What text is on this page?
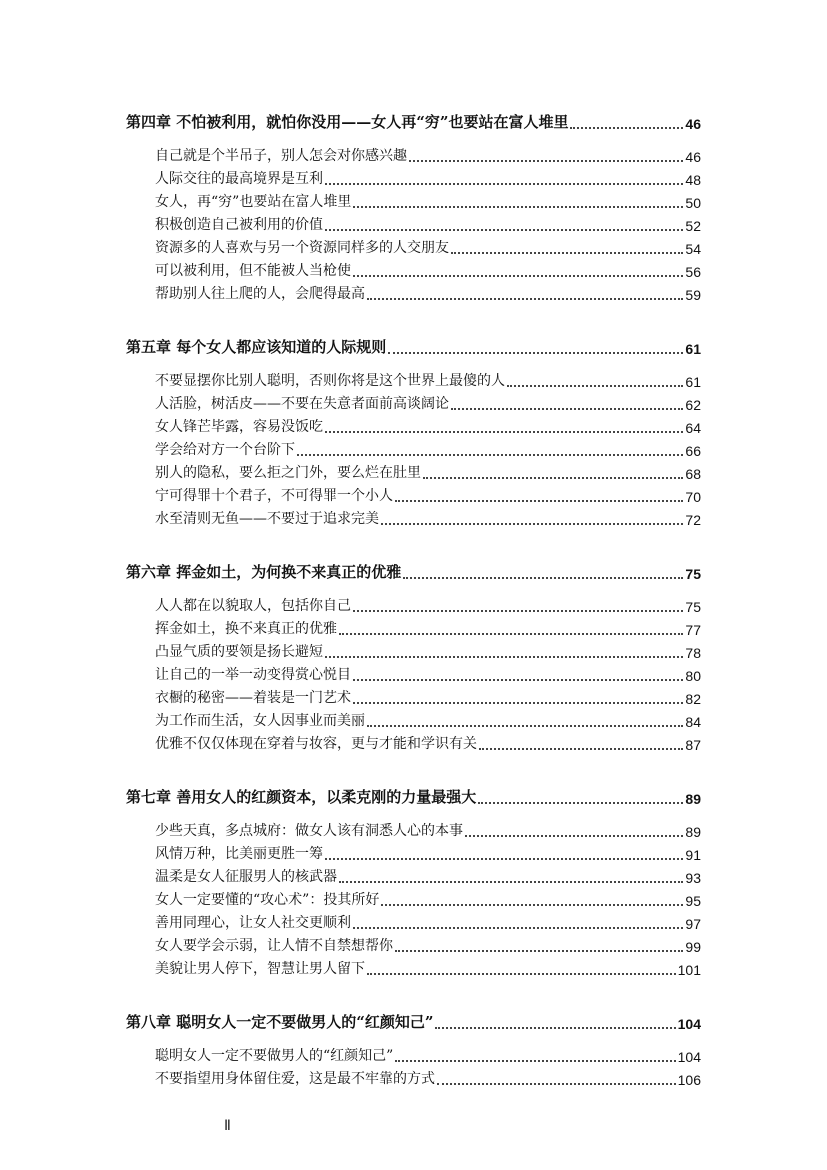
第四章 不怕被利用，就怕你没用——女人再“穷”也要站在富人堆里	46
自己就是个半吊子，别人怎会对你感兴趣	46
人际交往的最高境界是互利	48
女人，再“穷”也要站在富人堆里	50
积极创造自己被利用的价值	52
资源多的人喜欢与另一个资源同样多的人交朋友	54
可以被利用，但不能被人当枪使	56
帮助别人往上爬的人，会爬得最高	59
第五章 每个女人都应该知道的人际规则	61
不要显摆你比别人聪明，否则你将是这个世界上最傻的人	61
人活脸，树活皮——不要在失意者面前高谈阔论	62
女人锋芒毕露，容易没饭吃	64
学会给对方一个台阶下	66
别人的隐私，要么拒之门外，要么烂在肚里	68
宁可得罪十个君子，不可得罪一个小人	70
水至清则无鱼——不要过于追求完美	72
第六章 挥金如土，为何换不来真正的优雅	75
人人都在以貌取人，包括你自己	75
挥金如土，换不来真正的优雅	77
凸显气质的要领是扬长避短	78
让自己的一举一动变得赏心悦目	80
衣橱的秘密——着装是一门艺术	82
为工作而生活，女人因事业而美丽	84
优雅不仅仅体现在穿着与妆容，更与才能和学识有关	87
第七章 善用女人的红颜资本，以柔克刚的力量最强大	89
少些天真，多点城府：做女人该有洞悉人心的本事	89
风情万种，比美丽更胜一筹	91
温柔是女人征服男人的核武器	93
女人一定要懂的“攻心术”：投其所好	95
善用同理心，让女人社交更顺利	97
女人要学会示弱，让人情不自禁想帮你	99
美貌让男人停下，智慧让男人留下	101
第八章 聪明女人一定不要做男人的“红颜知己”	104
聪明女人一定不要做男人的“红颜知己”	104
不要指望用身体留住爱，这是最不牢靠的方式	106
Ⅱ
